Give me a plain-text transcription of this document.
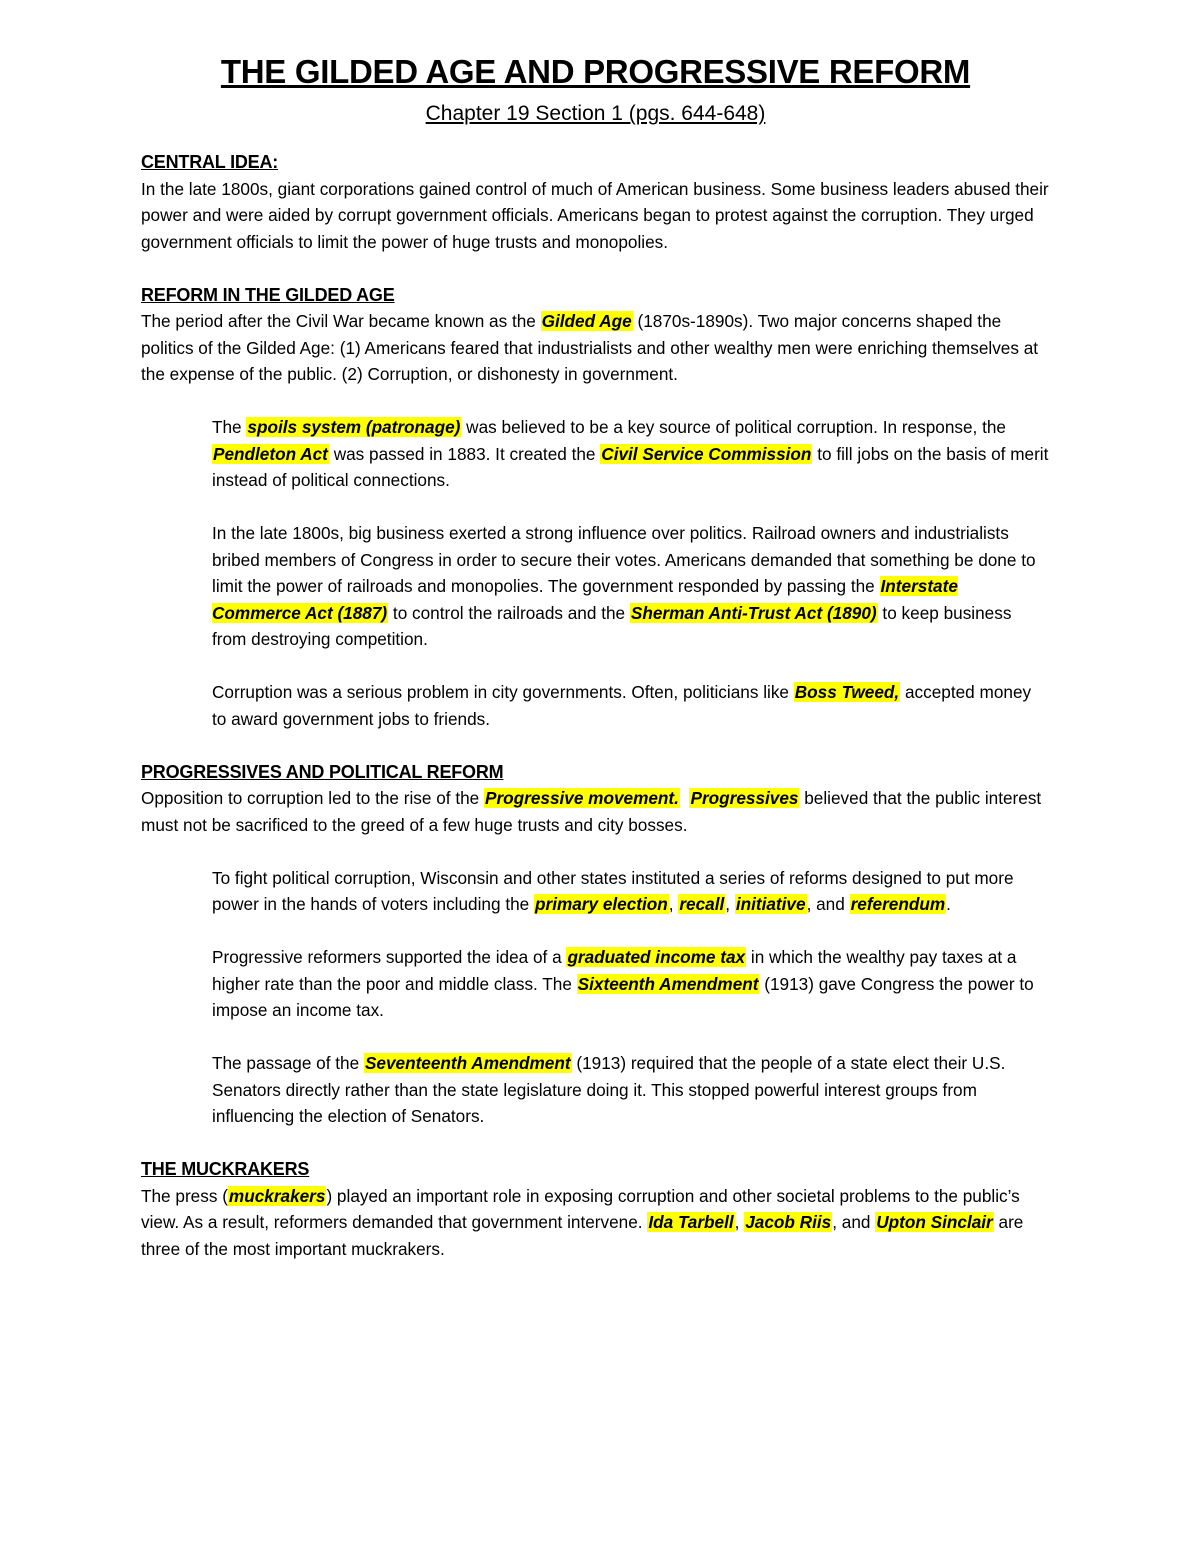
THE GILDED AGE AND PROGRESSIVE REFORM
Chapter 19 Section 1 (pgs. 644-648)
CENTRAL IDEA:

In the late 1800s, giant corporations gained control of much of American business. Some business leaders abused their power and were aided by corrupt government officials. Americans began to protest against the corruption. They urged government officials to limit the power of huge trusts and monopolies.

REFORM IN THE GILDED AGE

The period after the Civil War became known as the Gilded Age (1870s-1890s). Two major concerns shaped the politics of the Gilded Age: (1) Americans feared that industrialists and other wealthy men were enriching themselves at the expense of the public. (2) Corruption, or dishonesty in government.

The spoils system (patronage) was believed to be a key source of political corruption. In response, the Pendleton Act was passed in 1883. It created the Civil Service Commission to fill jobs on the basis of merit instead of political connections.

In the late 1800s, big business exerted a strong influence over politics. Railroad owners and industrialists bribed members of Congress in order to secure their votes. Americans demanded that something be done to limit the power of railroads and monopolies. The government responded by passing the Interstate Commerce Act (1887) to control the railroads and the Sherman Anti-Trust Act (1890) to keep business from destroying competition.

Corruption was a serious problem in city governments. Often, politicians like Boss Tweed, accepted money to award government jobs to friends.

PROGRESSIVES AND POLITICAL REFORM

Opposition to corruption led to the rise of the Progressive movement. Progressives believed that the public interest must not be sacrificed to the greed of a few huge trusts and city bosses.

To fight political corruption, Wisconsin and other states instituted a series of reforms designed to put more power in the hands of voters including the primary election, recall, initiative, and referendum.

Progressive reformers supported the idea of a graduated income tax in which the wealthy pay taxes at a higher rate than the poor and middle class. The Sixteenth Amendment (1913) gave Congress the power to impose an income tax.

The passage of the Seventeenth Amendment (1913) required that the people of a state elect their U.S. Senators directly rather than the state legislature doing it. This stopped powerful interest groups from influencing the election of Senators.

THE MUCKRAKERS

The press (muckrakers) played an important role in exposing corruption and other societal problems to the public’s view. As a result, reformers demanded that government intervene. Ida Tarbell, Jacob Riis, and Upton Sinclair are three of the most important muckrakers.
